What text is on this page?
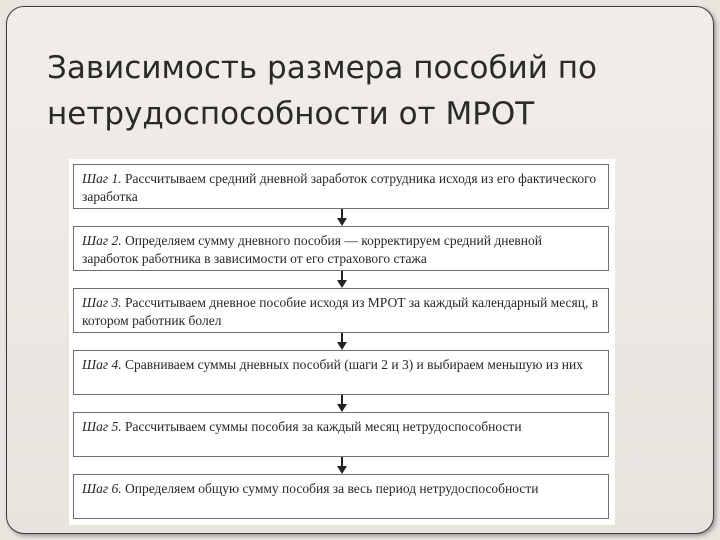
Зависимость размера пособий по нетрудоспособности от МРОТ
Шаг 1. Рассчитываем средний дневной заработок сотрудника исходя из его фактического заработка
Шаг 2. Определяем сумму дневного пособия — корректируем средний дневной заработок работника в зависимости от его страхового стажа
Шаг 3. Рассчитываем дневное пособие исходя из МРОТ за каждый календарный месяц, в котором работник болел
Шаг 4. Сравниваем суммы дневных пособий (шаги 2 и 3) и выбираем меньшую из них
Шаг 5. Рассчитываем суммы пособия за каждый месяц нетрудоспособности
Шаг 6. Определяем общую сумму пособия за весь период нетрудоспособности
